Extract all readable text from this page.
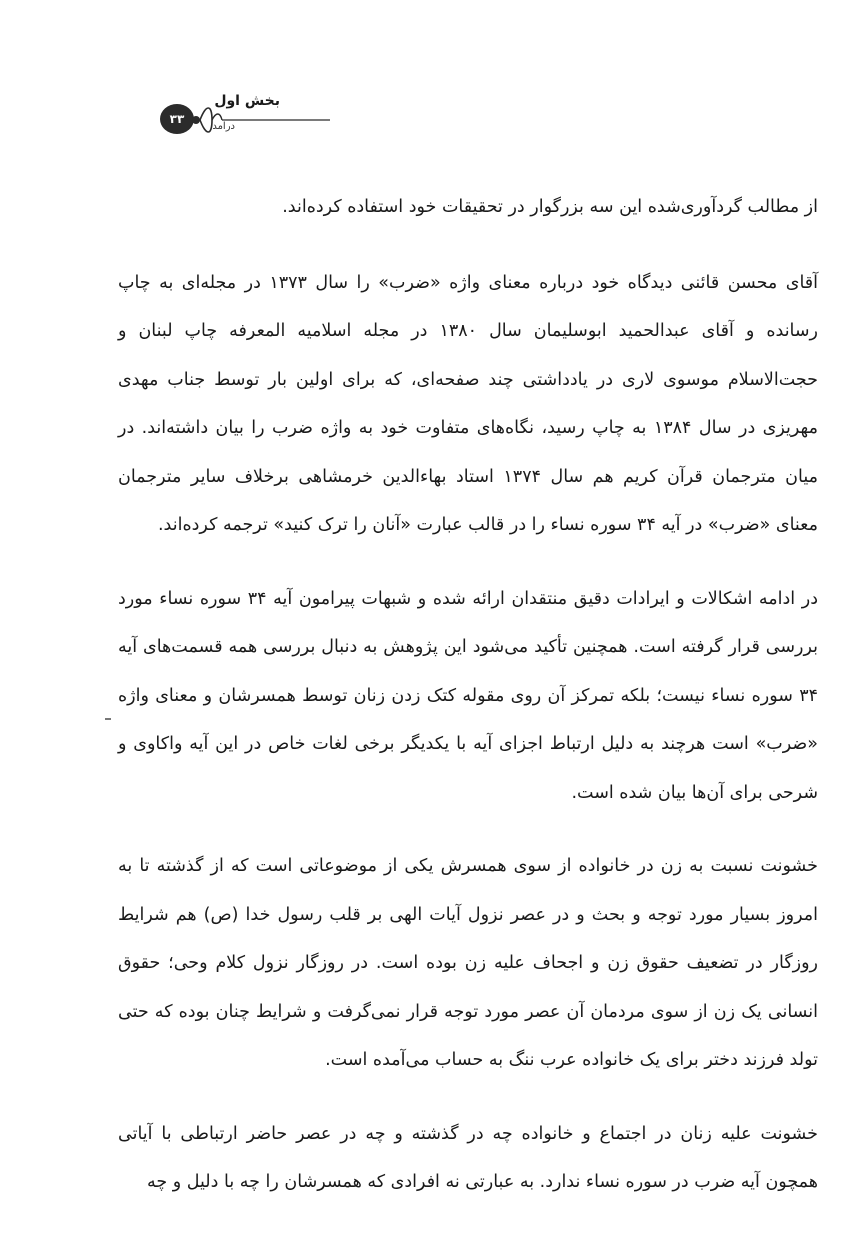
۳۳
بخش اول
درآمد

از مطالب گردآوری‌شده این سه بزرگوار در تحقیقات خود استفاده کرده‌اند.

آقای محسن قائنی دیدگاه خود درباره معنای واژه «ضرب» را سال ۱۳۷۳ در مجله‌ای به چاپ رسانده و آقای عبدالحمید ابوسلیمان سال ۱۳۸۰ در مجله اسلامیه المعرفه چاپ لبنان و حجت‌الاسلام موسوی لاری در یادداشتی چند صفحه‌ای، که برای اولین بار توسط جناب مهدی مهریزی در سال ۱۳۸۴ به چاپ رسید، نگاه‌های متفاوت خود به واژه ضرب را بیان داشته‌اند. در میان مترجمان قرآن کریم هم سال ۱۳۷۴ استاد بهاءالدین خرمشاهی برخلاف سایر مترجمان معنای «ضرب» در آیه ۳۴ سوره نساء را در قالب عبارت «آنان را ترک کنید» ترجمه کرده‌اند.

در ادامه اشکالات و ایرادات دقیق منتقدان ارائه شده و شبهات پیرامون آیه ۳۴ سوره نساء مورد بررسی قرار گرفته است. همچنین تأکید می‌شود این پژوهش به دنبال بررسی همه قسمت‌های آیه ۳۴ سوره نساء نیست؛ بلکه تمرکز آن روی مقوله کتک زدن زنان توسط همسرشان و معنای واژه «ضرب» است هرچند به دلیل ارتباط اجزای آیه با یکدیگر برخی لغات خاص در این آیه واکاوی و شرحی برای آن‌ها بیان شده است.

خشونت نسبت به زن در خانواده از سوی همسرش یکی از موضوعاتی است که از گذشته تا به امروز بسیار مورد توجه و بحث و در عصر نزول آیات الهی بر قلب رسول خدا (ص) هم شرایط روزگار در تضعیف حقوق زن و اجحاف علیه زن بوده است. در روزگار نزول کلام وحی؛ حقوق انسانی یک زن از سوی مردمان آن عصر مورد توجه قرار نمی‌گرفت و شرایط چنان بوده که حتی تولد فرزند دختر برای یک خانواده عرب ننگ به حساب می‌آمده است.

خشونت علیه زنان در اجتماع و خانواده چه در گذشته و چه در عصر حاضر ارتباطی با آیاتی همچون آیه ضرب در سوره نساء ندارد. به عبارتی نه افرادی که همسرشان را چه با دلیل و چه
